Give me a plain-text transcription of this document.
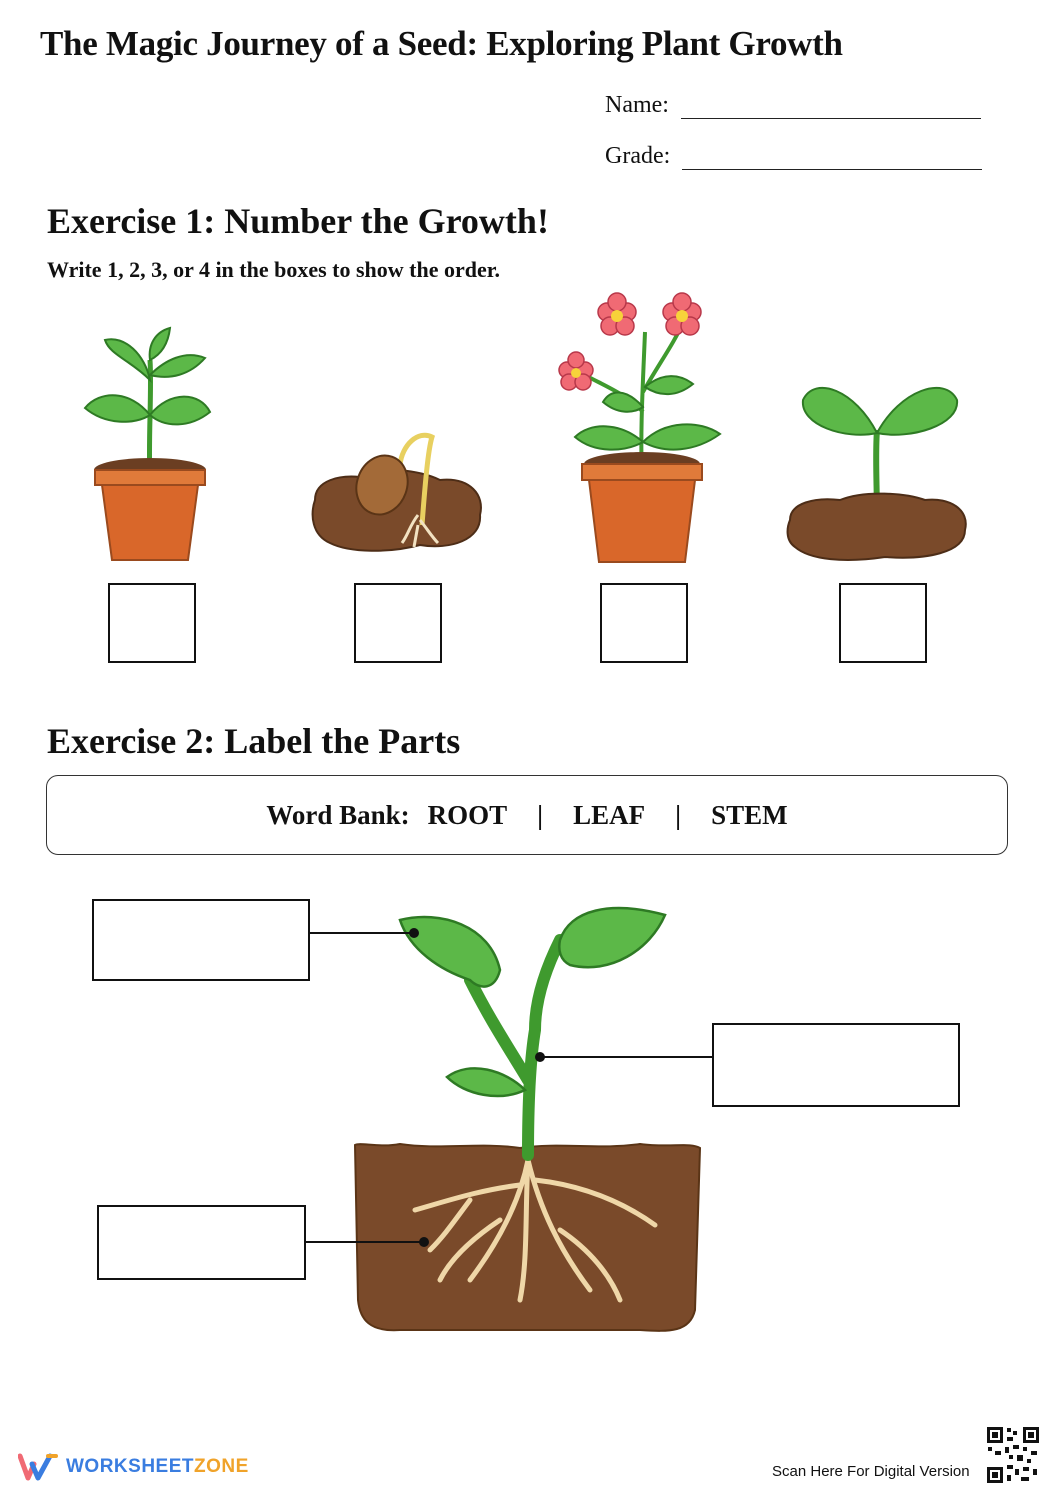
The Magic Journey of a Seed: Exploring Plant Growth
Name:
Grade:
Exercise 1: Number the Growth!
Write 1, 2, 3, or 4 in the boxes to show the order.
Exercise 2: Label the Parts
Word Bank: ROOT | LEAF | STEM
WORKSHEET ZONE	Scan Here For Digital Version
